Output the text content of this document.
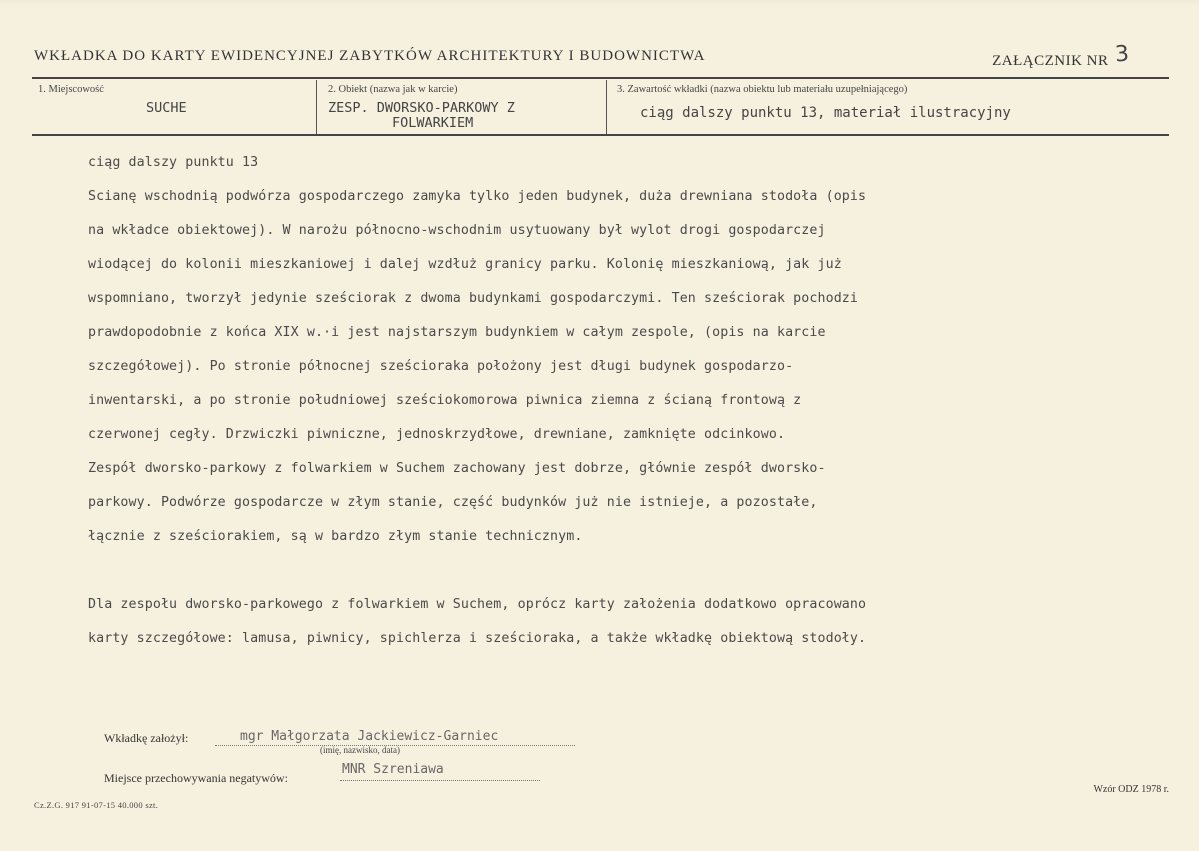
WKŁADKA DO KARTY EWIDENCYJNEJ ZABYTKÓW ARCHITEKTURY I BUDOWNICTWA	ZAŁĄCZNIK NR 3
1. Miejscowość
SUCHE
2. Obiekt (nazwa jak w karcie)
ZESP. DWORSKO-PARKOWY Z
FOLWARKIEM
3. Zawartość wkładki (nazwa obiektu lub materiału uzupełniającego)
ciąg dalszy punktu 13, materiał ilustracyjny

ciąg dalszy punktu 13

Scianę wschodnią podwórza gospodarczego zamyka tylko jeden budynek, duża drewniana stodoła (opis

na wkładce obiektowej). W narożu północno-wschodnim usytuowany był wylot drogi gospodarczej

wiodącej do kolonii mieszkaniowej i dalej wzdłuż granicy parku. Kolonię mieszkaniową, jak już

wspomniano, tworzył jedynie sześciorak z dwoma budynkami gospodarczymi. Ten sześciorak pochodzi

prawdopodobnie z końca XIX w.·i jest najstarszym budynkiem w całym zespole, (opis na karcie

szczegółowej). Po stronie północnej sześcioraka położony jest długi budynek gospodarzo-

inwentarski, a po stronie południowej sześciokomorowa piwnica ziemna z ścianą frontową z

czerwonej cegły. Drzwiczki piwniczne, jednoskrzydłowe, drewniane, zamknięte odcinkowo.

Zespół dworsko-parkowy z folwarkiem w Suchem zachowany jest dobrze, głównie zespół dworsko-

parkowy. Podwórze gospodarcze w złym stanie, część budynków już nie istnieje, a pozostałe,

łącznie z sześciorakiem, są w bardzo złym stanie technicznym.

Dla zespołu dworsko-parkowego z folwarkiem w Suchem, oprócz karty założenia dodatkowo opracowano

karty szczegółowe: lamusa, piwnicy, spichlerza i sześcioraka, a także wkładkę obiektową stodoły.

Wkładkę założył:	mgr Małgorzata Jackiewicz-Garniec
(imię, nazwisko, data)
Miejsce przechowywania negatywów:
MNR Szreniawa
Cz.Z.G. 917 91-07-15 40.000 szt.
Wzór ODZ 1978 r.
